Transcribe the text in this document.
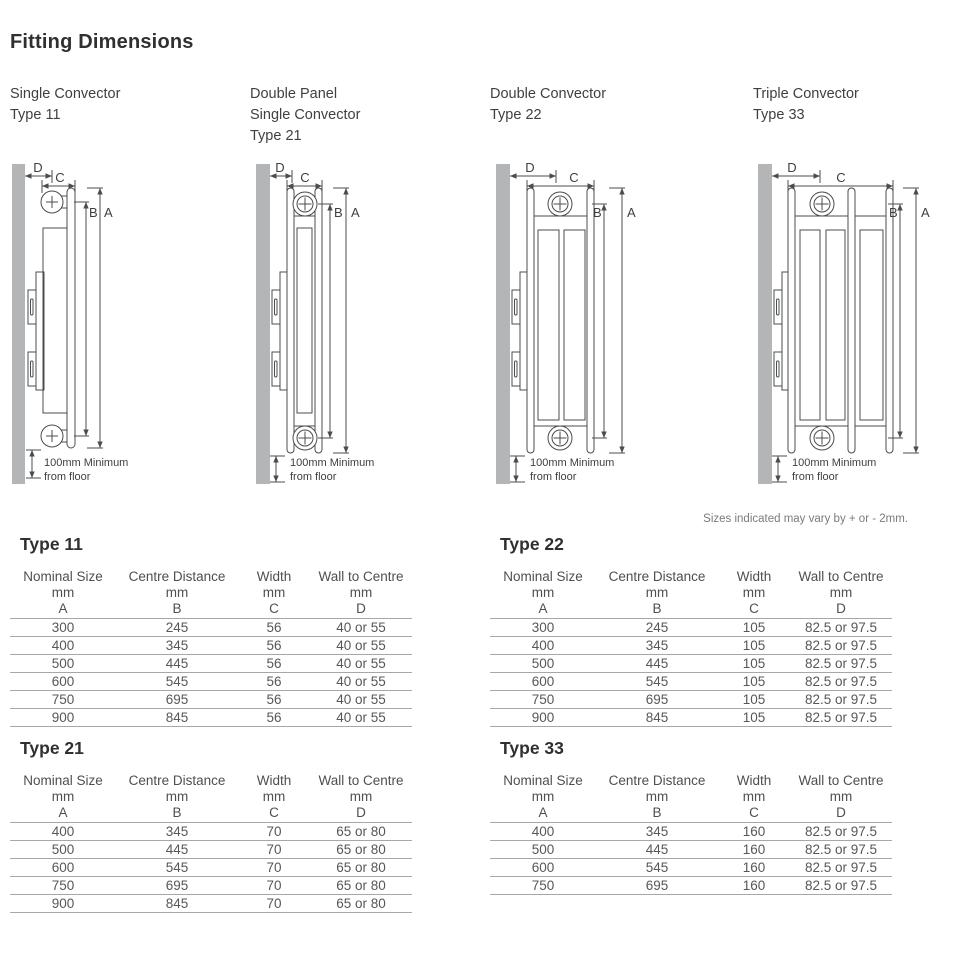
Fitting Dimensions
Single Convector
Type 11
Double Panel
Single Convector
Type 21
Double Convector
Type 22
Triple Convector
Type 33
D
C
B A
100mm Minimum
from floor
D
C
B A
100mm Minimum
from floor
D
C
B A
100mm Minimum
from floor
D
C
B A
100mm Minimum
from floor
Sizes indicated may vary by + or - 2mm.
Type 11
Nominal Size	Centre Distance	Width	Wall to Centre
mm	mm	mm	mm
A	B	C	D
300	245	56	40 or 55
400	345	56	40 or 55
500	445	56	40 or 55
600	545	56	40 or 55
750	695	56	40 or 55
900	845	56	40 or 55
Type 22
Nominal Size	Centre Distance	Width	Wall to Centre
mm	mm	mm	mm
A	B	C	D
300	245	105	82.5 or 97.5
400	345	105	82.5 or 97.5
500	445	105	82.5 or 97.5
600	545	105	82.5 or 97.5
750	695	105	82.5 or 97.5
900	845	105	82.5 or 97.5
Type 21
Nominal Size	Centre Distance	Width	Wall to Centre
mm	mm	mm	mm
A	B	C	D
400	345	70	65 or 80
500	445	70	65 or 80
600	545	70	65 or 80
750	695	70	65 or 80
900	845	70	65 or 80
Type 33
Nominal Size	Centre Distance	Width	Wall to Centre
mm	mm	mm	mm
A	B	C	D
400	345	160	82.5 or 97.5
500	445	160	82.5 or 97.5
600	545	160	82.5 or 97.5
750	695	160	82.5 or 97.5
